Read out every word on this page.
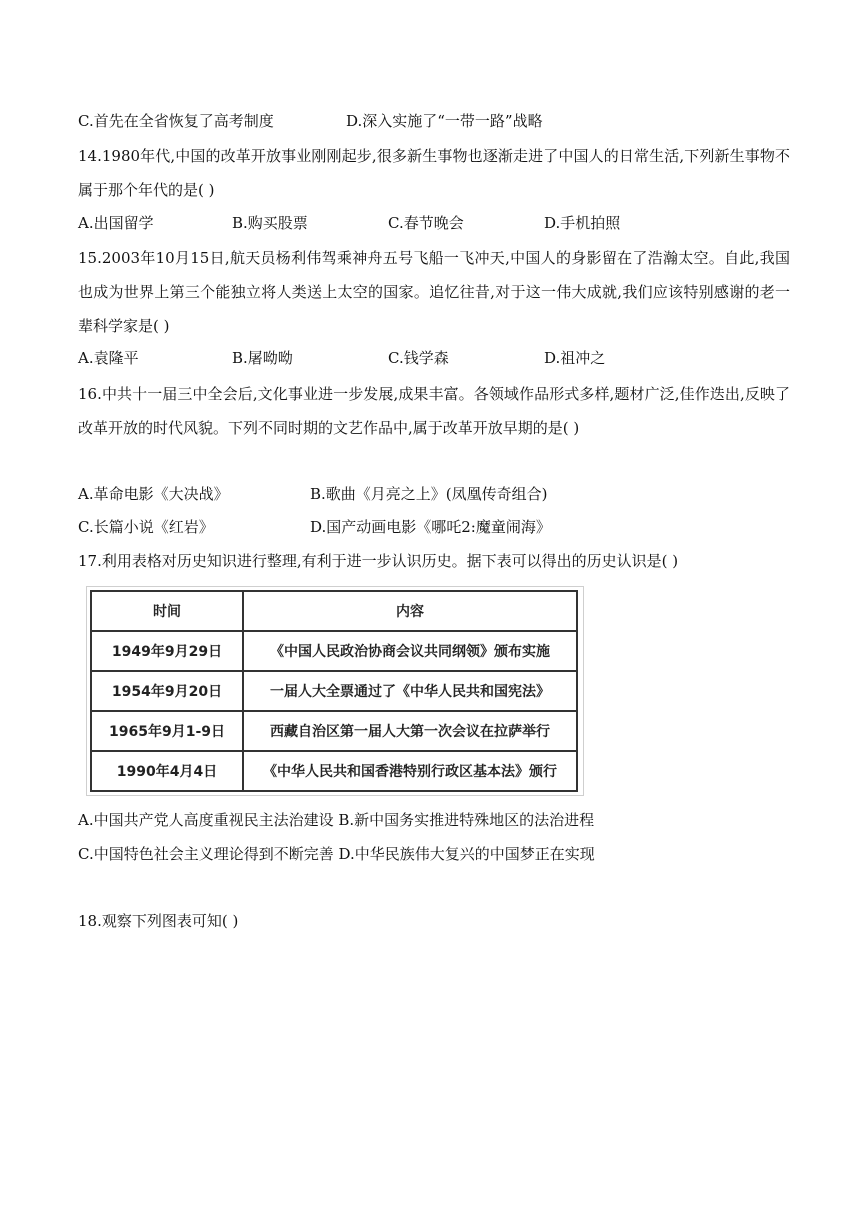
C.首先在全省恢复了高考制度	D.深入实施了“一带一路”战略
14.1980年代,中国的改革开放事业刚刚起步,很多新生事物也逐渐走进了中国人的日常生活,下列新生事物不属于那个年代的是( )
A.出国留学	B.购买股票	C.春节晚会	D.手机拍照
15.2003年10月15日,航天员杨利伟驾乘神舟五号飞船一飞冲天,中国人的身影留在了浩瀚太空。自此,我国也成为世界上第三个能独立将人类送上太空的国家。追忆往昔,对于这一伟大成就,我们应该特别感谢的老一辈科学家是( )
A.袁隆平	B.屠呦呦	C.钱学森	D.祖冲之
16.中共十一届三中全会后,文化事业进一步发展,成果丰富。各领域作品形式多样,题材广泛,佳作迭出,反映了改革开放的时代风貌。下列不同时期的文艺作品中,属于改革开放早期的是( )
A.革命电影《大决战》	B.歌曲《月亮之上》(凤凰传奇组合)
C.长篇小说《红岩》	D.国产动画电影《哪吒2:魔童闹海》
17.利用表格对历史知识进行整理,有利于进一步认识历史。据下表可以得出的历史认识是( )
时间	内容
1949年9月29日	《中国人民政治协商会议共同纲领》颁布实施
1954年9月20日	一届人大全票通过了《中华人民共和国宪法》
1965年9月1-9日	西藏自治区第一届人大第一次会议在拉萨举行
1990年4月4日	《中华人民共和国香港特别行政区基本法》颁行
A.中国共产党人高度重视民主法治建设 B.新中国务实推进特殊地区的法治进程
C.中国特色社会主义理论得到不断完善 D.中华民族伟大复兴的中国梦正在实现
18.观察下列图表可知( )
